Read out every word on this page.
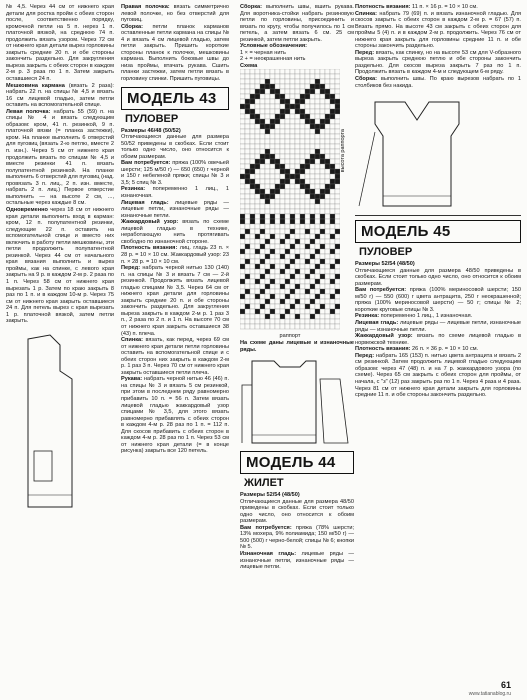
№ 4,5. Через 44 см от нижнего края детали для ростка пройм с обеих сторон после, соответственно порядку, кромочной петли на 5 п. нерез 1 п. платочной вязкой, на среднюю 74 п. продолжить вязать узором. Через 72 см от нижнего края детали вырез горловины закрыть средние 20 п. и обе стороны закончить раздельно. Для закругления выреза закрыть с обеих сторон в каждом 2-м р. 3 раза по 1 п. Затем закрыть оставшиеся 24 п.

Мешковина кармана (вязать 2 раза): набрать 22 п. на спицы № 4,5 и вязать 16 см лицевой гладью, затем петли оставить на вспомогательной спице.

Левая полочка: набрать 55 (59) п. на спицы № 4 и вязать следующим образом: кром, 41 п. резинкой, 9 п. платочной вязки (= планка застежки), кром. На планке выполнить 6 отверстий для пуговиц (вязать 2-ю петлю, вместе 2 п. изн.). Через 5 см от нижнего края продолжить вязать по спицам № 4,5 и вместе резинки 41 п. вязать полупатентной резинкой. На планке выполнить 6 отверстий для пуговиц (над. провязать 3 п. лиц., 2 п. изн. вместе, набрать 2 п. лиц.) Первое отверстие выполнить — на высоте 2 см, ..., остальные через каждые 8 см.

Одновременно через 18 см от нижнего края детали выполнить вход в карман: кром, 12 п. полупатентной резинки, следующие 22 п. оставить на вспомогательной спице и вместо них включить в работу петли мешковины, эти петли продолжить полупатентной резинкой. Через 44 см от начального края вязания выполнить и вырез проймы, как на спинке, с левого края закрыть на 9 р. в каждом 2-м р. 2 раза по 1 п. Через 58 см от нижнего края вырезать 1 р. Затем по краю закрыть 8 раз по 1 п. и в каждом 10-м р. Через 75 см от нижнего края закрыть оставшиеся 24 п. Для петель вырез с края вырезать 1 р. платочной вязкой, затем петли закрыть.

Правая полочка: вязать симметрично левой полочке, но без отверстий для пуговиц.

Сборка: петли планок карманов оставленные петли кармана на спицы № 4 и вязать 4 см лицевой гладью, затем петли закрыть. Пришить короткие стороны планок к полочке, мешковины кармана. Выполнить боковые швы до низа проймы, втачать рукава. Сшить планки застежки, затем петли вязать в горловину спинки. Пришить пуговицы.

МОДЕЛЬ 43
ПУЛОВЕР

Размеры 46/48 (50/52)

Отличающиеся данные для размера 50/52 приведены в скобках. Если стоит только одно число, оно относится к обоим размерам.

Вам потребуется: пряжа (100% овечьей шерсти; 125 м/50 г) — 650 (650) г черной и 150 г небеленой пряжи; спицы № 3 и 3,5; 5 спиц № 3.

Резинка: попеременно 1 лиц., 1 изнаночная.

Лицевая гладь: лицевые ряды — лицевые петли, изнаночные ряды — изнаночные петли.

Жаккардовый узор: вязать по схеме лицевой гладью в технике, неработающую нить протягивать свободно по изнаночной стороне.

Плотность вязания: лиц. гладь 23 п. × 28 р. = 10 × 10 см. Жаккардовый узор: 23 п. × 28 р. = 10 × 10 см.

Перед: набрать черной нитью 130 (140) п. на спицы № 3 и вязать 7 см — 2-й резинкой. Продолжить вязать лицевой гладью спицами № 3,5. Через 64 см от нижнего края детали для горловины закрыть средние 20 п. и обе стороны закончить раздельно. Для закругления выреза закрыть в каждом 2-м р. 1 раз 3 п., 2 раза по 2 п. и 1 п. На высоте 70 см от нижнего края закрыть оставшиеся 38 (43) п. плеча.

Спинка: вязать, как перед, через 69 см от нижнего края детали петли горловины оставить на вспомогательной спице и с обеих сторон них закрыть в каждом 2-м р. 1 раз 3 п. Через 70 см от нижнего края закрыть оставшиеся петли плеча.

Рукава: набрать черной нитью 46 (46) п. на спицы № 3 и вязать 5 см резинкой, при этом в последнем ряду равномерно прибавить 10 п. = 56 п. Затем вязать лицевой гладью жаккардовый узор спицами № 3,5, для этого вязать равномерно прибавлять с обеих сторон в каждом 4-м р. 28 раз по 1 п. = 112 п. Для скосов прибавить с обеих сторон в каждом 4-м р. 28 раз по 1 п. Через 53 см от нижнего края детали (= в конце рисунка) закрыть все 120 петель.

Сборка: выполнить швы, вшить рукава. Для воротника-стойки набрать резиновую петли по горловины, присоединить и вязать по кругу, чтобы получилось по 1 см петель, а затем вязать 6 см. 25 см резинкой, затем петли закрыть.

Условные обозначения:

1 × = черная нить

2 + = неокрашенная нить

Схема

высота раппорта
раппорт

На схеме даны лицевые и изнаночные ряды.

МОДЕЛЬ 44
ЖИЛЕТ

Размеры 52/54 (48/50)

Отличающиеся данные для размера 48/50 приведены в скобках. Если стоит только одно число, оно относится к обоим размерам.

Вам потребуется: пряжа (78% шерсти; 13% мохера, 9% полиамида; 150 м/50 г) — 500 (500) г черно-белой; спицы № 6; кнопки № 5.

Изнаночная гладь: лицевые ряды — изнаночные петли, изнаночные ряды — лицевые петли.

Плотность вязания: 11 п. × 16 р. = 10 × 10 см.

Спинка: набрать 79 (69) п. и вязать изнаночной гладью. Для скосов закрыть с обеих сторон в каждом 2-м р. = 67 (57) п. Вязать прямо. На высоте 43 см закрыть с обеих сторон для проймы 5 (4) п. и в каждом 2-м р. продолжить. Через 76 см от нижнего края закрыть для горловины средние 11 п. и обе стороны закончить раздельно.

Перед: вязать, как спинку, но на высоте 53 см для V-образного выреза закрыть среднюю петлю и обе стороны закончить раздельно. Для скосов выреза закрыть 7 раз по 1 п. Продолжить вязать в каждом 4-м и следующем 6-м ряду.

Сборка: выполнить швы. По краю вырезов набрать по 1 столбиков без накида.

МОДЕЛЬ 45
ПУЛОВЕР

Размеры 52/54 (48/50)

Отличающиеся данные для размера 48/50 приведены в скобках. Если стоит только одно число, оно относится к обоим размерам.

Вам потребуется: пряжа (100% мериносовой шерсти; 150 м/50 г) — 550 (600) г цвета антрацита, 250 г неокрашенной; пряжа (100% мериносовой шерсти) — 50 г; спицы № 2; короткие круговые спицы № 3.

Резинка: попеременно 1 лиц., 1 изнаночная.

Лицевая гладь: лицевые ряды — лицевые петли, изнаночные ряды — изнаночные петли.

Жаккардовый узор: вязать по схеме лицевой гладью в норвежской технике.

Плотность вязания: 26 п. × 36 р. = 10 × 10 см.

Перед: набрать 165 (153) п. нитью цвета антрацита и вязать 2 см резинкой. Затем продолжить лицевой гладью следующим образом: через 47 (48) п. и на 7 р. жаккардового узора (по схеме). Через 65 см закрыть с обеих сторон для проймы, от начала, с "з" (12) раз закрыть раз по 1 п. Через 4 раза и 4 раза. Через 81 см от нижнего края детали закрыть для горловины средние 11 п. и обе стороны закончить раздельно.

61
www.tatianablog.ru
